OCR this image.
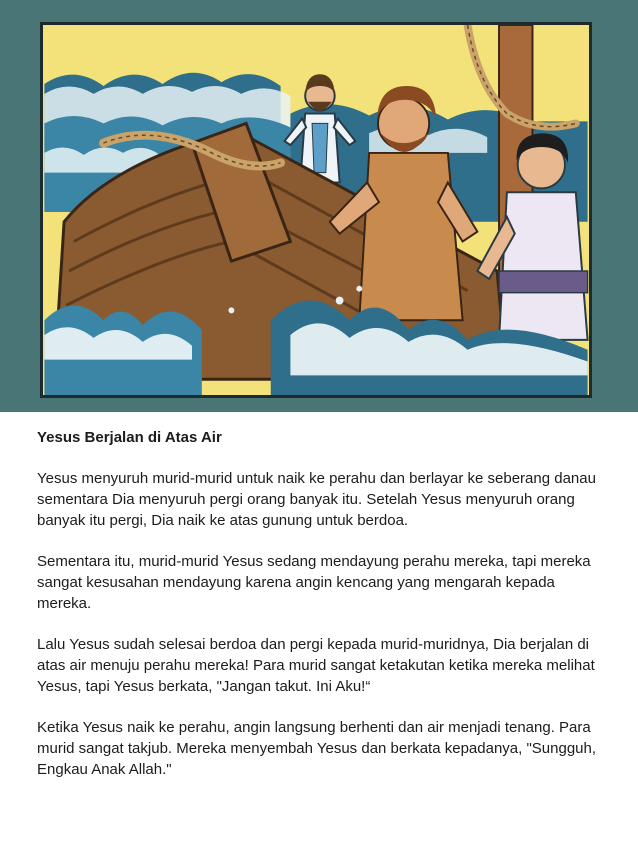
Yesus Berjalan di Atas Air

Yesus menyuruh murid-murid untuk naik ke perahu dan berlayar ke seberang danau sementara Dia menyuruh pergi orang banyak itu. Setelah Yesus menyuruh orang banyak itu pergi, Dia naik ke atas gunung untuk berdoa.

Sementara itu, murid-murid Yesus sedang mendayung perahu mereka, tapi mereka sangat kesusahan mendayung karena angin kencang yang mengarah kepada mereka.

Lalu Yesus sudah selesai berdoa dan pergi kepada murid-muridnya, Dia berjalan di atas air menuju perahu mereka! Para murid sangat ketakutan ketika mereka melihat Yesus, tapi Yesus berkata, "Jangan takut. Ini Aku!“

Ketika Yesus naik ke perahu, angin langsung berhenti dan air menjadi tenang. Para murid sangat takjub. Mereka menyembah Yesus dan berkata kepadanya, "Sungguh, Engkau Anak Allah."
